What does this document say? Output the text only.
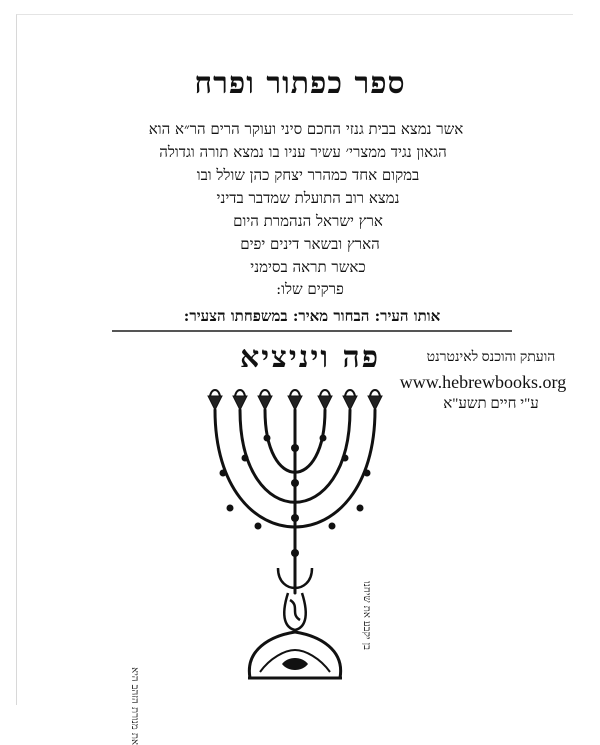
ספר כפתור ופרח
אשר נמצא בבית גנזי החכם סיני ועוקר הרים הר״א הוא
הגאון נגיד ממצרי׳ עשיר עניו בו נמצא תורה וגדולה
במקום אחד כמהרר יצחק כהן שולל ובו
נמצא רוב התועלת שמדבר בדיני
ארץ ישראל הנהמרת היום
הארץ ובשאר דינים יפים
כאשר תראה בסימני
פרקים שלו:
אותו העיר: הבחור מאיר: במשפחתו הצעיר:
פה ויניציא	הועתק והוכנס לאינטרנט
www.hebrewbooks.org
ע"י חיים תשע"א
את מנורת הזהב היא
בן יקבע את שיחנו
